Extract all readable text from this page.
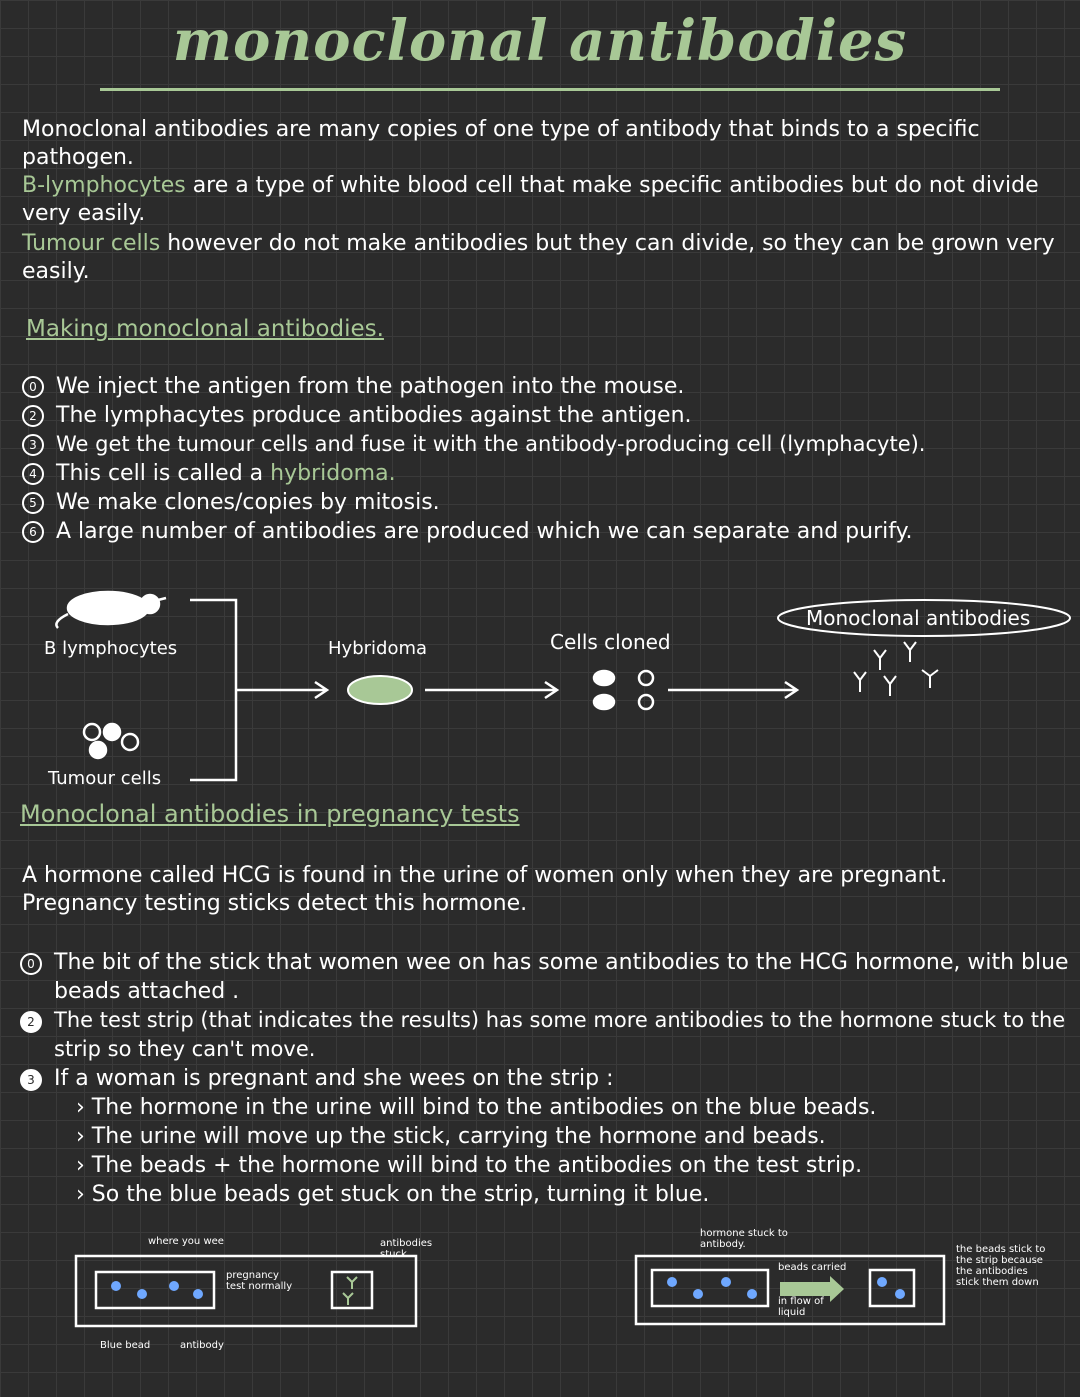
monoclonal antibodies
Monoclonal antibodies are many copies of one type of antibody that binds to a specific pathogen.
B-lymphocytes are a type of white blood cell that make specific antibodies but do not divide very easily.
Tumour cells however do not make antibodies but they can divide, so they can be grown very easily.
Making monoclonal antibodies.
0 We inject the antigen from the pathogen into the mouse.
2 The lymphacytes produce antibodies against the antigen.
3 We get the tumour cells and fuse it with the antibody-producing cell (lymphacyte).
4 This cell is called a
hybridoma.
5 We make clones/copies by mitosis.
6 A large number of antibodies are produced which we can separate and purify.
B lymphocytes
Tumour cells
Hybridoma	Cells cloned
Monoclonal antibodies
Monoclonal antibodies in pregnancy tests
A hormone called HCG is found in the urine of women only when they are pregnant. Pregnancy testing sticks detect this hormone.
0 The bit of the stick that women wee on has some antibodies to the HCG hormone, with blue beads attached .
2 The test strip (that indicates the results) has some more antibodies to the hormone stuck to the strip so they can't move.
3 If a woman is pregnant and she wees on the strip :
› The hormone in the urine will bind to the antibodies on the blue beads.
› The urine will move up the stick, carrying the hormone and beads.
› The beads + the hormone will bind to the antibodies on the test strip.
› So the blue beads get stuck on the strip, turning it blue.
where you wee
pregnancy test normally
antibodies stuck
Blue bead	antibody
hormone stuck to antibody.
beads carried
in flow of liquid
the beads stick to the strip because the antibodies stick them down
